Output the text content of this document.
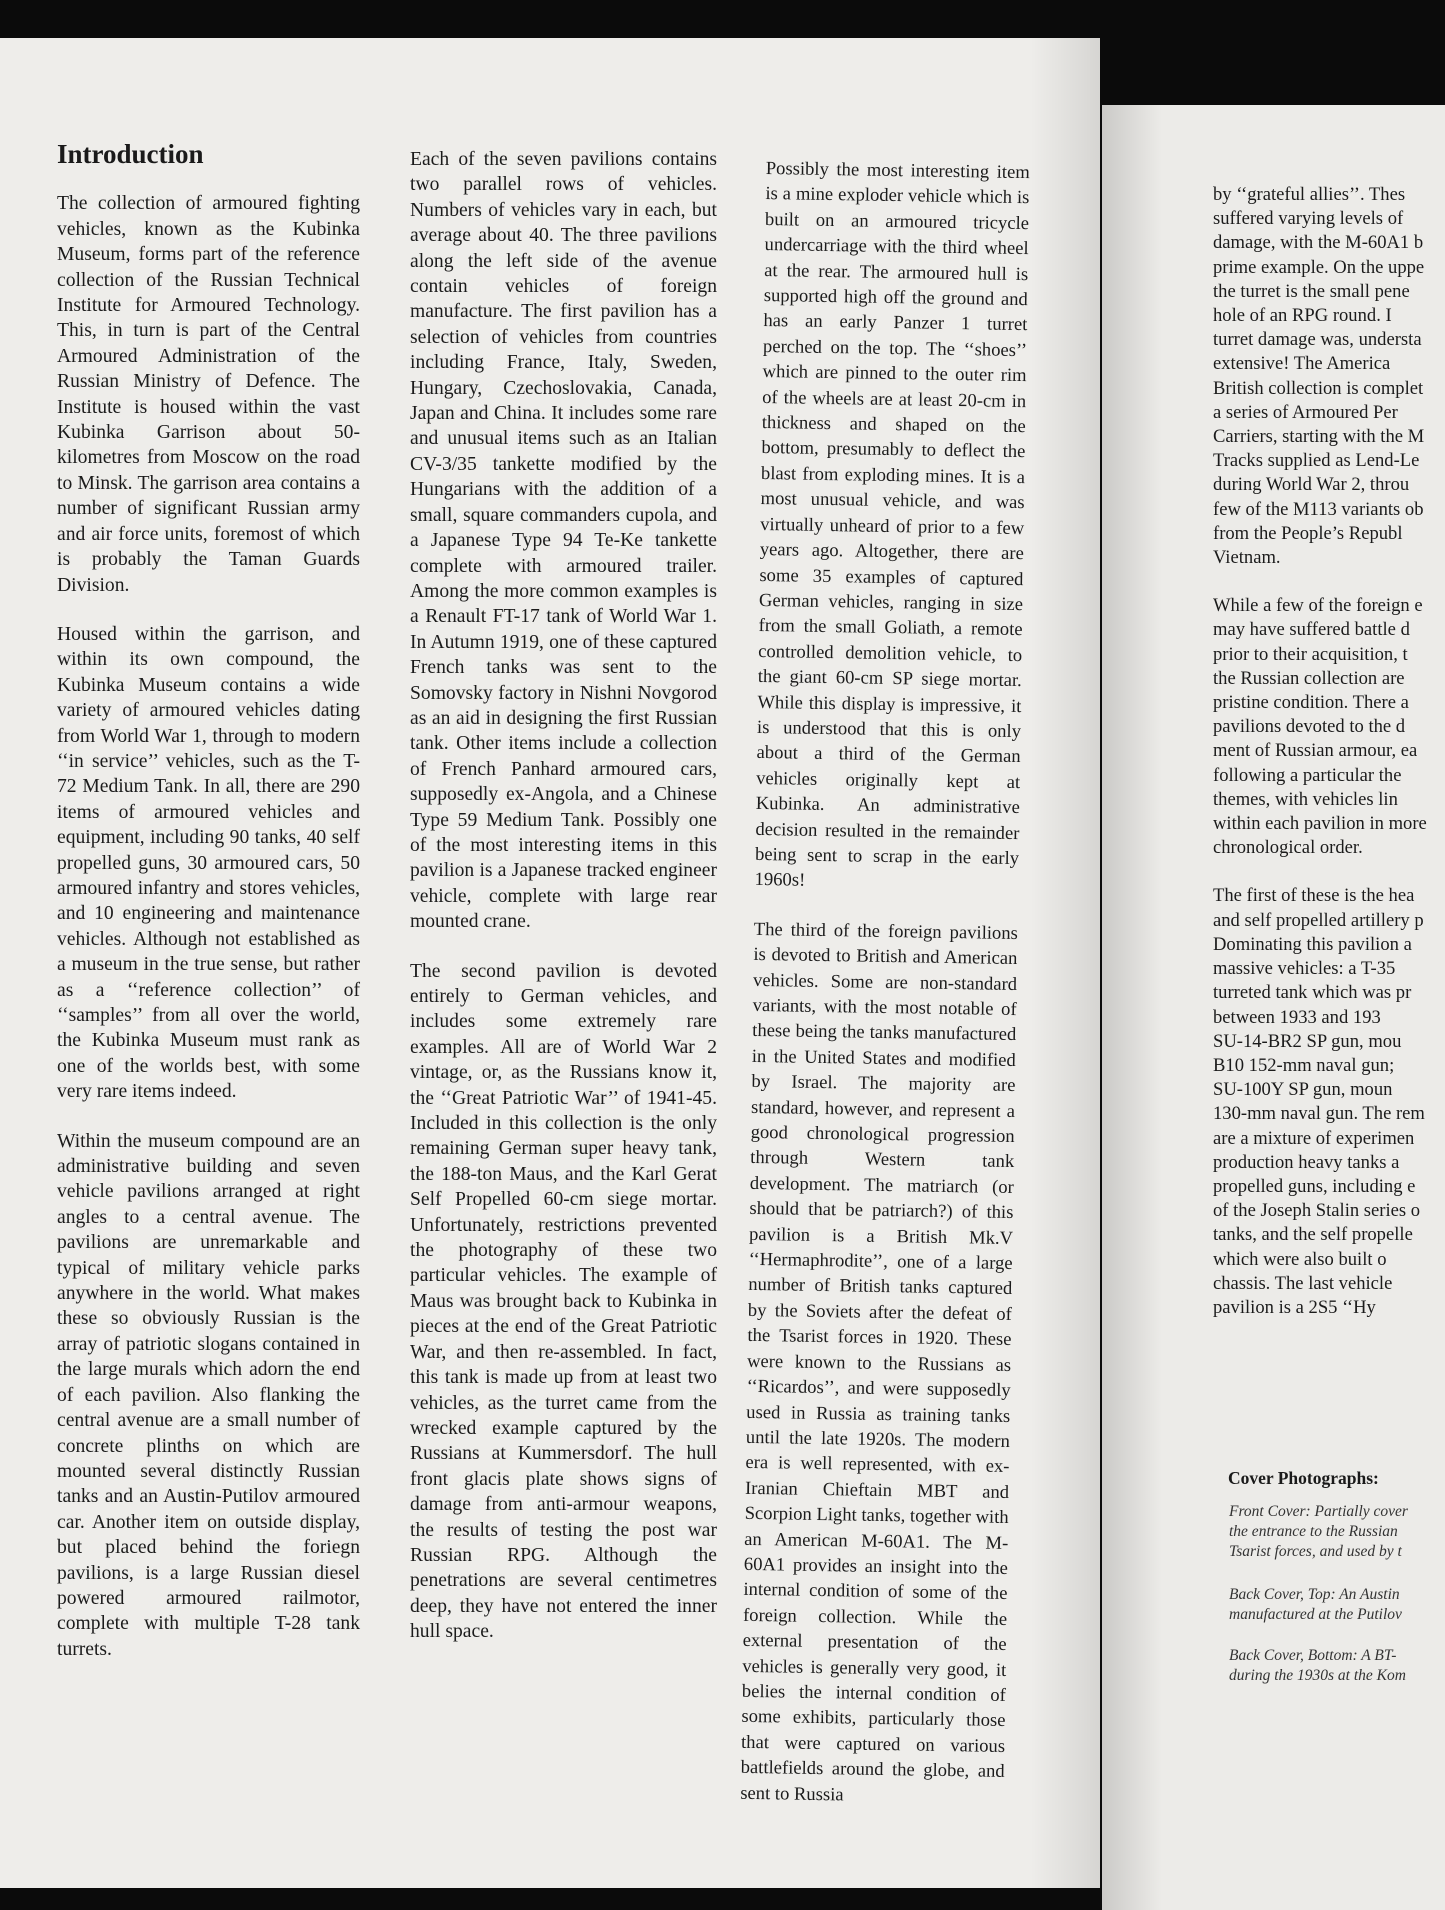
Introduction

The collection of armoured fighting vehicles, known as the Kubinka Museum, forms part of the reference collection of the Russian Technical Institute for Armoured Technology. This, in turn is part of the Central Armoured Administration of the Russian Ministry of Defence. The Institute is housed within the vast Kubinka Garrison about 50-kilometres from Moscow on the road to Minsk. The garrison area contains a number of significant Russian army and air force units, foremost of which is probably the Taman Guards Division.

Housed within the garrison, and within its own compound, the Kubinka Museum contains a wide variety of armoured vehicles dating from World War 1, through to modern ‘‘in service’’ vehicles, such as the T-72 Medium Tank. In all, there are 290 items of armoured vehicles and equipment, including 90 tanks, 40 self propelled guns, 30 armoured cars, 50 armoured infantry and stores vehicles, and 10 engineering and maintenance vehicles. Although not established as a museum in the true sense, but rather as a ‘‘reference collection’’ of ‘‘samples’’ from all over the world, the Kubinka Museum must rank as one of the worlds best, with some very rare items indeed.

Within the museum compound are an administrative building and seven vehicle pavilions arranged at right angles to a central avenue. The pavilions are unremarkable and typical of military vehicle parks anywhere in the world. What makes these so obviously Russian is the array of patriotic slogans contained in the large murals which adorn the end of each pavilion. Also flanking the central avenue are a small number of concrete plinths on which are mounted several distinctly Russian tanks and an Austin-Putilov armoured car. Another item on outside display, but placed behind the foriegn pavilions, is a large Russian diesel powered armoured railmotor, complete with multiple T-28 tank turrets.

Each of the seven pavilions contains two parallel rows of vehicles. Numbers of vehicles vary in each, but average about 40. The three pavilions along the left side of the avenue contain vehicles of foreign manufacture. The first pavilion has a selection of vehicles from countries including France, Italy, Sweden, Hungary, Czechoslovakia, Canada, Japan and China. It includes some rare and unusual items such as an Italian CV-3/35 tankette modified by the Hungarians with the addition of a small, square commanders cupola, and a Japanese Type 94 Te-Ke tankette complete with armoured trailer. Among the more common examples is a Renault FT-17 tank of World War 1. In Autumn 1919, one of these captured French tanks was sent to the Somovsky factory in Nishni Novgorod as an aid in designing the first Russian tank. Other items include a collection of French Panhard armoured cars, supposedly ex-Angola, and a Chinese Type 59 Medium Tank. Possibly one of the most interesting items in this pavilion is a Japanese tracked engineer vehicle, complete with large rear mounted crane.

The second pavilion is devoted entirely to German vehicles, and includes some extremely rare examples. All are of World War 2 vintage, or, as the Russians know it, the ‘‘Great Patriotic War’’ of 1941-45. Included in this collection is the only remaining German super heavy tank, the 188-ton Maus, and the Karl Gerat Self Propelled 60-cm siege mortar. Unfortunately, restrictions prevented the photography of these two particular vehicles. The example of Maus was brought back to Kubinka in pieces at the end of the Great Patriotic War, and then re-assembled. In fact, this tank is made up from at least two vehicles, as the turret came from the wrecked example captured by the Russians at Kummersdorf. The hull front glacis plate shows signs of damage from anti-armour weapons, the results of testing the post war Russian RPG. Although the penetrations are several centimetres deep, they have not entered the inner hull space.

Possibly the most interesting item is a mine exploder vehicle which is built on an armoured tricycle undercarriage with the third wheel at the rear. The armoured hull is supported high off the ground and has an early Panzer 1 turret perched on the top. The ‘‘shoes’’ which are pinned to the outer rim of the wheels are at least 20-cm in thickness and shaped on the bottom, presumably to deflect the blast from exploding mines. It is a most unusual vehicle, and was virtually unheard of prior to a few years ago. Altogether, there are some 35 examples of captured German vehicles, ranging in size from the small Goliath, a remote controlled demolition vehicle, to the giant 60-cm SP siege mortar. While this display is impressive, it is understood that this is only about a third of the German vehicles originally kept at Kubinka. An administrative decision resulted in the remainder being sent to scrap in the early 1960s!

The third of the foreign pavilions is devoted to British and American vehicles. Some are non-standard variants, with the most notable of these being the tanks manufactured in the United States and modified by Israel. The majority are standard, however, and represent a good chronological progression through Western tank development. The matriarch (or should that be patriarch?) of this pavilion is a British Mk.V ‘‘Hermaphrodite’’, one of a large number of British tanks captured by the Soviets after the defeat of the Tsarist forces in 1920. These were known to the Russians as ‘‘Ricardos’’, and were supposedly used in Russia as training tanks until the late 1920s. The modern era is well represented, with ex-Iranian Chieftain MBT and Scorpion Light tanks, together with an American M-60A1. The M-60A1 provides an insight into the internal condition of some of the foreign collection. While the external presentation of the vehicles is generally very good, it belies the internal condition of some exhibits, particularly those that were captured on various battlefields around the globe, and sent to Russia

by ‘‘grateful allies’’. Thes
suffered varying levels of
damage, with the M-60A1 b
prime example. On the uppe
the turret is the small pene
hole of an RPG round. I
turret damage was, understa
extensive! The America
British collection is complet
a series of Armoured Per
Carriers, starting with the M
Tracks supplied as Lend-Le
during World War 2, throu
few of the M113 variants ob
from the People’s Republ
Vietnam.

While a few of the foreign e
may have suffered battle d
prior to their acquisition, t
the Russian collection are
pristine condition. There a
pavilions devoted to the d
ment of Russian armour, ea
following a particular the
themes, with vehicles lin
within each pavilion in more
chronological order.

The first of these is the hea
and self propelled artillery p
Dominating this pavilion a
massive vehicles: a T-35
turreted tank which was pr
between 1933 and 193
SU-14-BR2 SP gun, mou
B10 152-mm naval gun;
SU-100Y SP gun, moun
130-mm naval gun. The rem
are a mixture of experimen
production heavy tanks a
propelled guns, including e
of the Joseph Stalin series o
tanks, and the self propelle
which were also built o
chassis. The last vehicle
pavilion is a 2S5 ‘‘Hy

Cover Photographs:
Front Cover: Partially cover
the entrance to the Russian
Tsarist forces, and used by t
Back Cover, Top: An Austin
manufactured at the Putilov
Back Cover, Bottom: A BT-
during the 1930s at the Kom
